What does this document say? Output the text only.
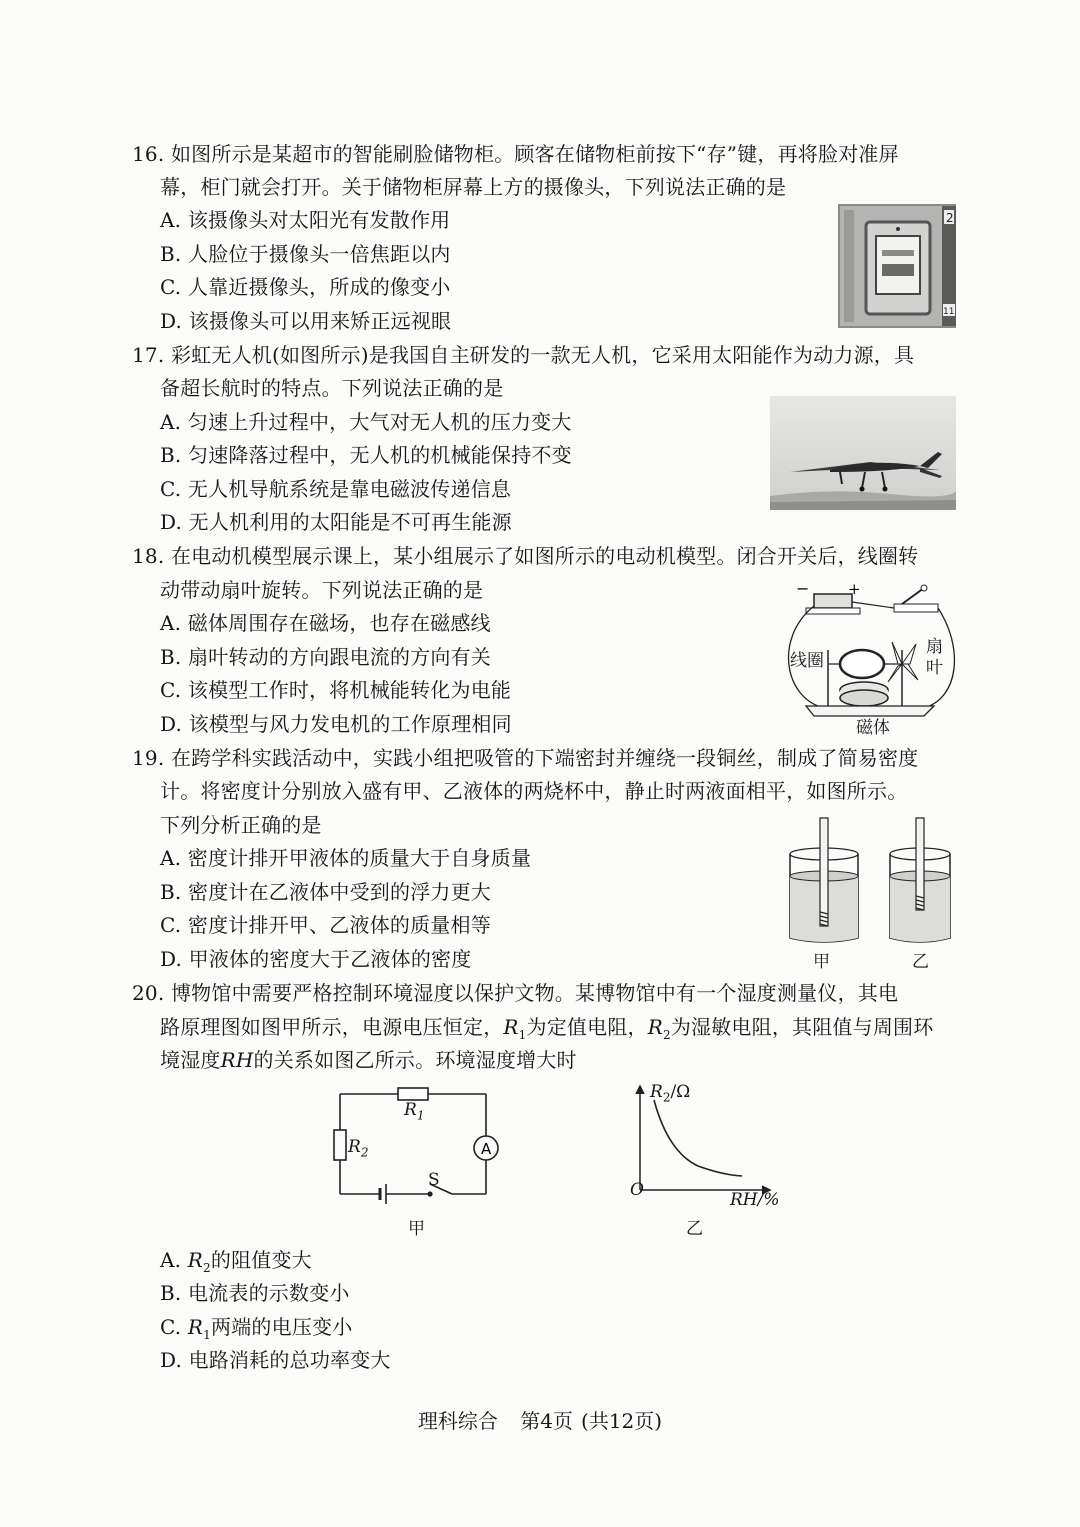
16. 如图所示是某超市的智能刷脸储物柜。顾客在储物柜前按下“存”键，再将脸对准屏
幕，柜门就会打开。关于储物柜屏幕上方的摄像头，下列说法正确的是
A. 该摄像头对太阳光有发散作用
B. 人脸位于摄像头一倍焦距以内
C. 人靠近摄像头，所成的像变小
D. 该摄像头可以用来矫正远视眼
2
11
17. 彩虹无人机(如图所示)是我国自主研发的一款无人机，它采用太阳能作为动力源，具
备超长航时的特点。下列说法正确的是
A. 匀速上升过程中，大气对无人机的压力变大
B. 匀速降落过程中，无人机的机械能保持不变
C. 无人机导航系统是靠电磁波传递信息
D. 无人机利用的太阳能是不可再生能源
18. 在电动机模型展示课上，某小组展示了如图所示的电动机模型。闭合开关后，线圈转
动带动扇叶旋转。下列说法正确的是
A. 磁体周围存在磁场，也存在磁感线
B. 扇叶转动的方向跟电流的方向有关
C. 该模型工作时，将机械能转化为电能
D. 该模型与风力发电机的工作原理相同
−	+
线圈
扇
叶
磁体
19. 在跨学科实践活动中，实践小组把吸管的下端密封并缠绕一段铜丝，制成了简易密度
计。将密度计分别放入盛有甲、乙液体的两烧杯中，静止时两液面相平，如图所示。
下列分析正确的是
A. 密度计排开甲液体的质量大于自身质量
B. 密度计在乙液体中受到的浮力更大
C. 密度计排开甲、乙液体的质量相等
D. 甲液体的密度大于乙液体的密度	甲	乙
20. 博物馆中需要严格控制环境湿度以保护文物。某博物馆中有一个湿度测量仪，其电
路原理图如图甲所示，电源电压恒定，$R_1$为定值电阻，$R_2$为湿敏电阻，其阻值与周围环
境湿度RH的关系如图乙所示。环境湿度增大时
A
$R_1$
$R_2$
S
甲
$R_2/\Omega$
O	RH/%
乙
A. $R_2$的阻值变大
B. 电流表的示数变小
C. $R_1$两端的电压变小
D. 电路消耗的总功率变大
理科综合 第4页 (共12页)
